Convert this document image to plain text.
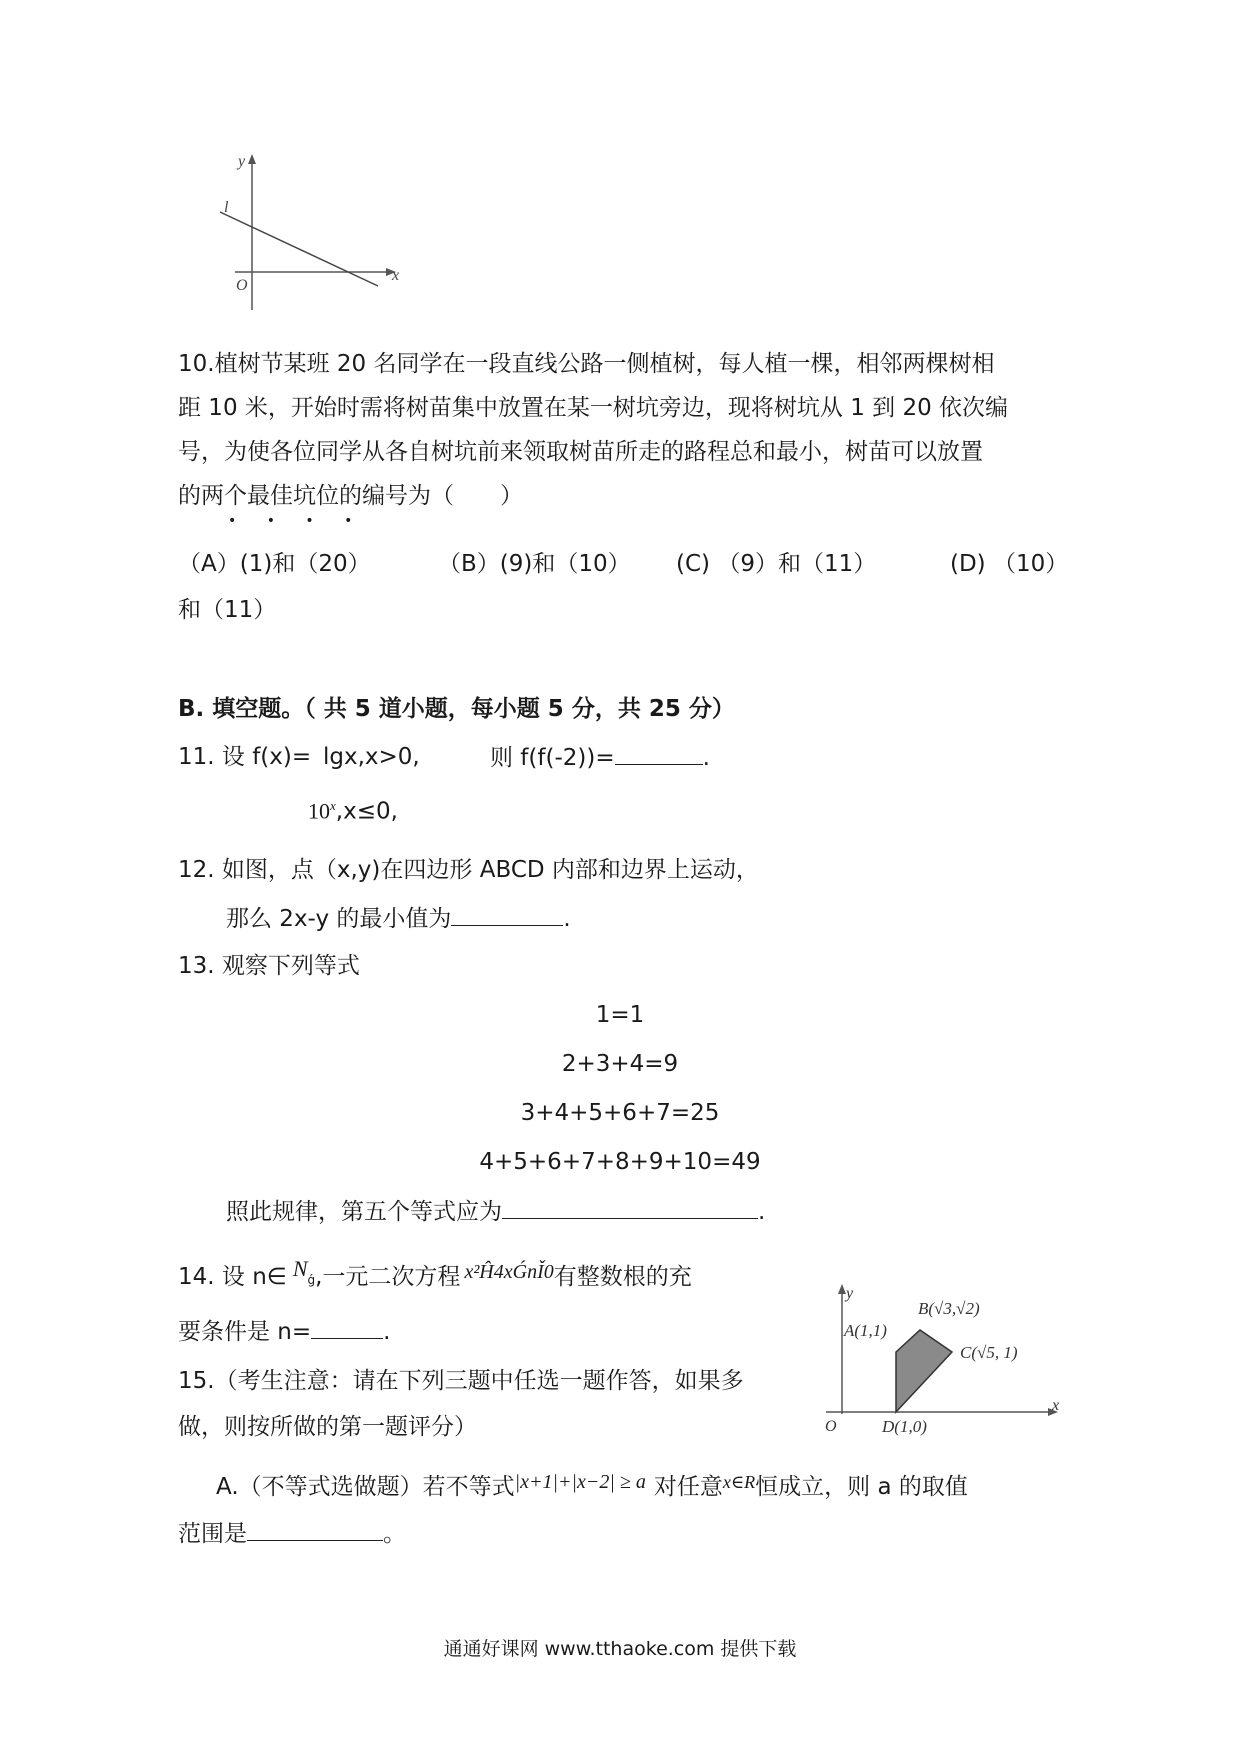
y
x
l
O
10.植树节某班 20 名同学在一段直线公路一侧植树，每人植一棵，相邻两棵树相
距 10 米，开始时需将树苗集中放置在某一树坑旁边，现将树坑从 1 到 20 依次编
号，为使各位同学从各自树坑前来领取树苗所走的路程总和最小，树苗可以放置
的两个最佳坑位的编号为（　　）
• • • •
（A）(1)和（20）	（B）(9)和（10） (C) （9）和（11）	(D) （10）
和（11）
B. 填空题。（ 共 5 道小题，每小题 5 分，共 25 分）
11. 设 f(x)= lgx,x>0,	则 f(f(-2))=	.
$10^x,x\le 0$,
12. 如图，点（x,y)在四边形 ABCD 内部和边界上运动，
那么 2x-y 的最小值为	.
13. 观察下列等式
1=1
2+3+4=9
3+4+5+6+7=25
4+5+6+7+8+9+10=49
照此规律，第五个等式应为	.
14. 设 n∈ Nǵ,一元二次方程 x²Ĥ4xǴnǏ0有整数根的充
要条件是 n=	.
15.（考生注意：请在下列三题中任选一题作答，如果多
做，则按所做的第一题评分）
A.（不等式选做题）若不等式|x+1|+|x−2| ≥ a 对任意$^{x\in R}$恒成立，则 a 的取值
范围是	。
y
x
O
A(1,1)
B(√3,√2)
C(√5, 1)
D(1,0)
通通好课网 www.tthaoke.com 提供下载
